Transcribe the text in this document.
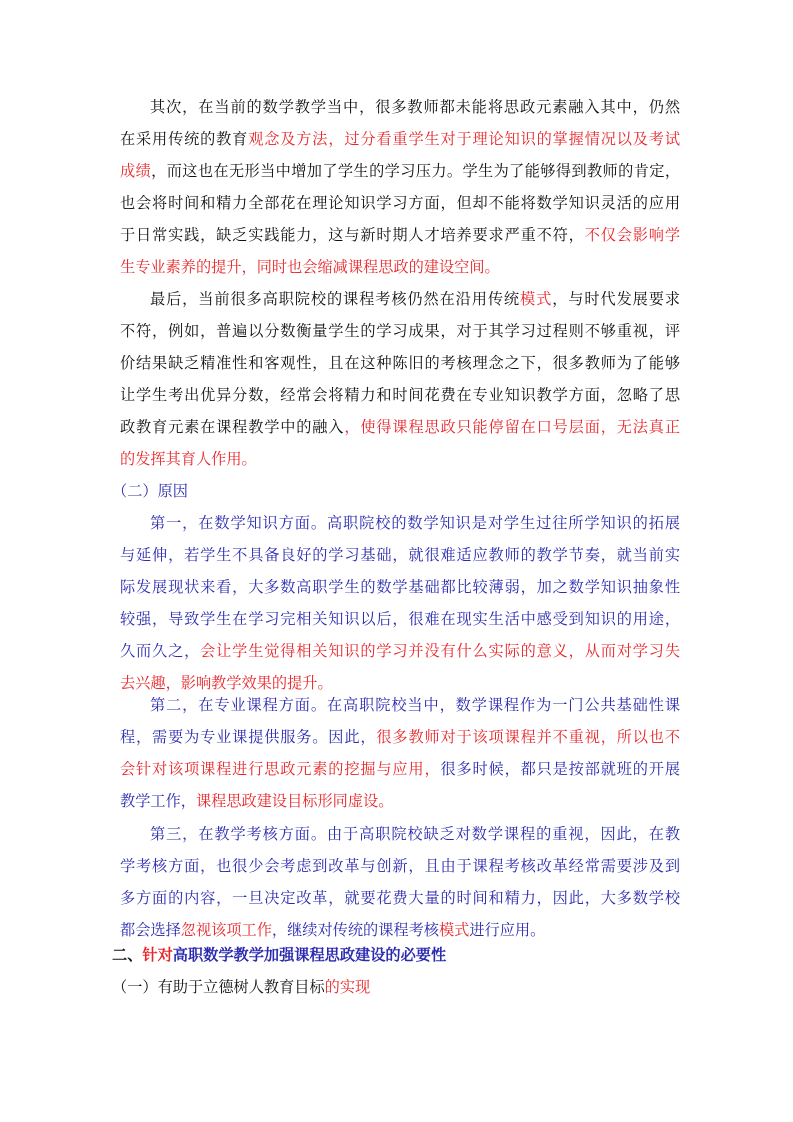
其次，在当前的数学教学当中，很多教师都未能将思政元素融入其中，仍然
在采用传统的教育观念及方法，过分看重学生对于理论知识的掌握情况以及考试
成绩，而这也在无形当中增加了学生的学习压力。学生为了能够得到教师的肯定，
也会将时间和精力全部花在理论知识学习方面，但却不能将数学知识灵活的应用
于日常实践，缺乏实践能力，这与新时期人才培养要求严重不符，不仅会影响学
生专业素养的提升，同时也会缩减课程思政的建设空间。
最后，当前很多高职院校的课程考核仍然在沿用传统模式，与时代发展要求
不符，例如，普遍以分数衡量学生的学习成果，对于其学习过程则不够重视，评
价结果缺乏精准性和客观性，且在这种陈旧的考核理念之下，很多教师为了能够
让学生考出优异分数，经常会将精力和时间花费在专业知识教学方面，忽略了思
政教育元素在课程教学中的融入，使得课程思政只能停留在口号层面，无法真正
的发挥其育人作用。
（二）原因
第一，在数学知识方面。高职院校的数学知识是对学生过往所学知识的拓展
与延伸，若学生不具备良好的学习基础，就很难适应教师的教学节奏，就当前实
际发展现状来看，大多数高职学生的数学基础都比较薄弱，加之数学知识抽象性
较强，导致学生在学习完相关知识以后，很难在现实生活中感受到知识的用途，
久而久之，会让学生觉得相关知识的学习并没有什么实际的意义，从而对学习失
去兴趣，影响教学效果的提升。
第二，在专业课程方面。在高职院校当中，数学课程作为一门公共基础性课
程，需要为专业课提供服务。因此，很多教师对于该项课程并不重视，所以也不
会针对该项课程进行思政元素的挖掘与应用，很多时候，都只是按部就班的开展
教学工作，课程思政建设目标形同虚设。
第三，在教学考核方面。由于高职院校缺乏对数学课程的重视，因此，在教
学考核方面，也很少会考虑到改革与创新，且由于课程考核改革经常需要涉及到
多方面的内容，一旦决定改革，就要花费大量的时间和精力，因此，大多数学校
都会选择忽视该项工作，继续对传统的课程考核模式进行应用。
二、针对高职数学教学加强课程思政建设的必要性
（一）有助于立德树人教育目标的实现
